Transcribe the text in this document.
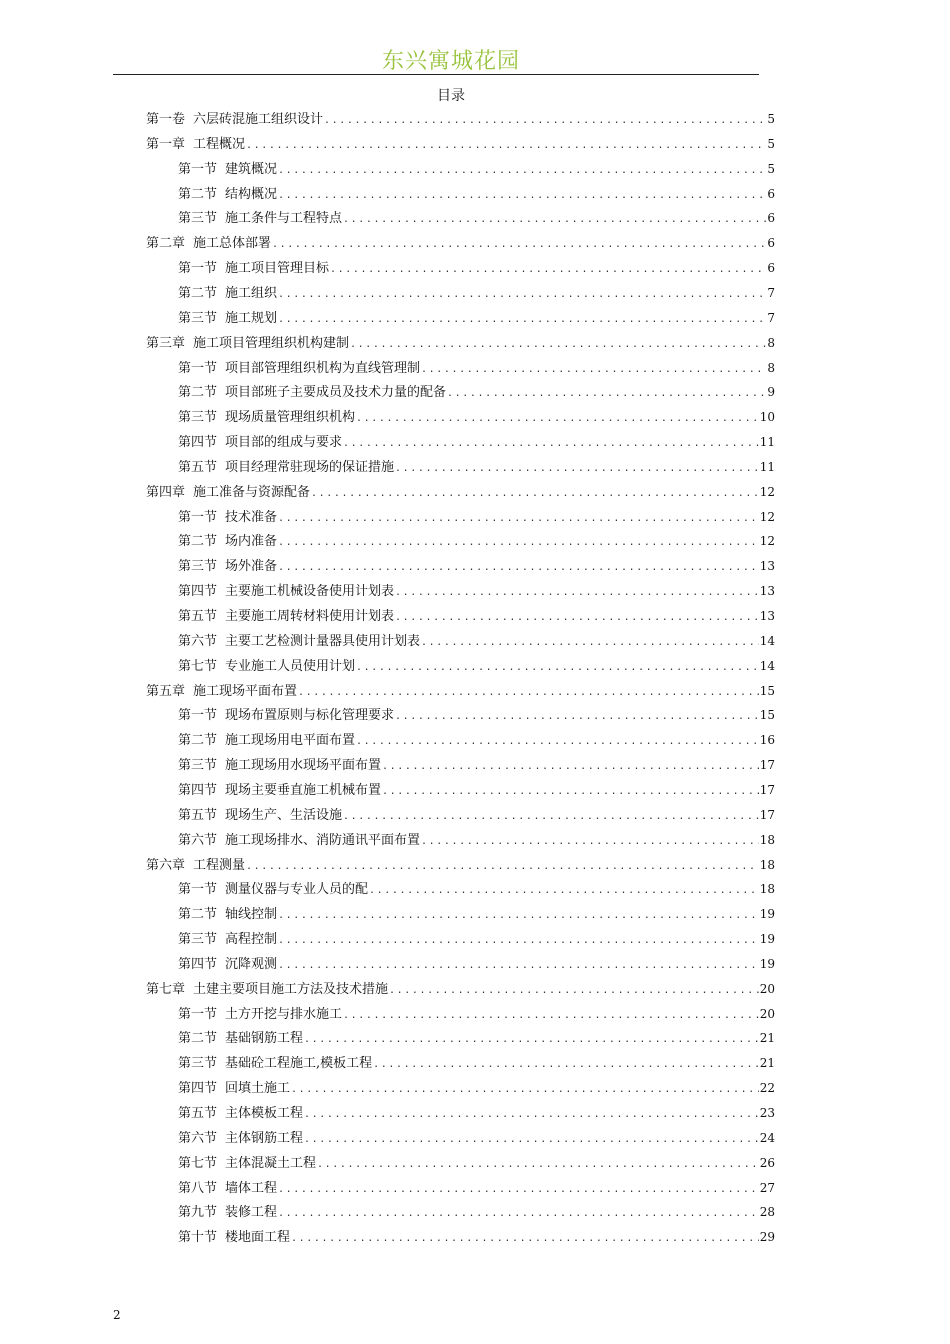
东兴寓城花园
目录
第一卷 六层砖混施工组织设计 .....	5
第一章 工程概况 .....	5
第一节 建筑概况 .....	5
第二节 结构概况 .....	6
第三节 施工条件与工程特点 .....	6
第二章 施工总体部署 .....	6
第一节 施工项目管理目标 .....	6
第二节 施工组织 .....	7
第三节 施工规划 .....	7
第三章 施工项目管理组织机构建制 .....	8
第一节 项目部管理组织机构为直线管理制 .....	8
第二节 项目部班子主要成员及技术力量的配备 .....	9
第三节 现场质量管理组织机构 .....	10
第四节 项目部的组成与要求 .....	11
第五节 项目经理常驻现场的保证措施 .....	11
第四章 施工准备与资源配备 .....	12
第一节 技术准备 .....	12
第二节 场内准备 .....	12
第三节 场外准备 .....	13
第四节 主要施工机械设备使用计划表 .....	13
第五节 主要施工周转材料使用计划表 .....	13
第六节 主要工艺检测计量器具使用计划表 .....	14
第七节 专业施工人员使用计划 .....	14
第五章 施工现场平面布置 .....	15
第一节 现场布置原则与标化管理要求 .....	15
第二节 施工现场用电平面布置 .....	16
第三节 施工现场用水现场平面布置 .....	17
第四节 现场主要垂直施工机械布置 .....	17
第五节 现场生产、生活设施 .....	17
第六节 施工现场排水、消防通讯平面布置 .....	18
第六章 工程测量 .....	18
第一节 测量仪器与专业人员的配 .....	18
第二节 轴线控制 .....	19
第三节 高程控制 .....	19
第四节 沉降观测 .....	19
第七章 土建主要项目施工方法及技术措施 .....	20
第一节 土方开挖与排水施工 .....	20
第二节 基础钢筋工程 .....	21
第三节 基础砼工程施工,模板工程 .....	21
第四节 回填土施工 .....	22
第五节 主体模板工程 .....	23
第六节 主体钢筋工程 .....	24
第七节 主体混凝土工程 .....	26
第八节 墙体工程 .....	27
第九节 装修工程 .....	28
第十节 楼地面工程 .....	29
2
